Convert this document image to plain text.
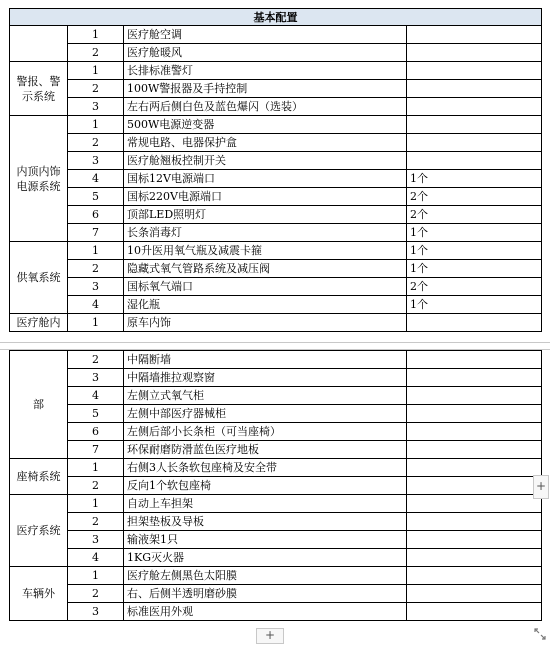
基本配置			
	1	医疗舱空调	
	2	医疗舱暖风	
警报、警示系统	1	长排标准警灯	
	2	100W警报器及手持控制	
	3	左右两后侧白色及蓝色爆闪（选装）	
内顶内饰电源系统	1	500W电源逆变器	
	2	常规电路、电器保护盒	
	3	医疗舱翘板控制开关	
	4	国标12V电源端口	1个
	5	国标220V电源端口	2个
	6	顶部LED照明灯	2个
	7	长条消毒灯	1个
供氧系统	1	10升医用氧气瓶及减震卡箍	1个
	2	隐藏式氧气管路系统及减压阀	1个
	3	国标氧气端口	2个
	4	湿化瓶	1个
医疗舱内	1	原车内饰	
部	2	中隔断墙	
	3	中隔墙推拉观察窗	
	4	左侧立式氧气柜	
	5	左侧中部医疗器械柜	
	6	左侧后部小长条柜（可当座椅）	
	7	环保耐磨防滑蓝色医疗地板	
座椅系统	1	右侧3人长条软包座椅及安全带	
	2	反向1个软包座椅	
医疗系统	1	自动上车担架	
	2	担架垫板及导板	
	3	输液架1只	
	4	1KG灭火器	
车辆外	1	医疗舱左侧黑色太阳膜	
	2	右、后侧半透明磨砂膜	
	3	标准医用外观	
+
+
